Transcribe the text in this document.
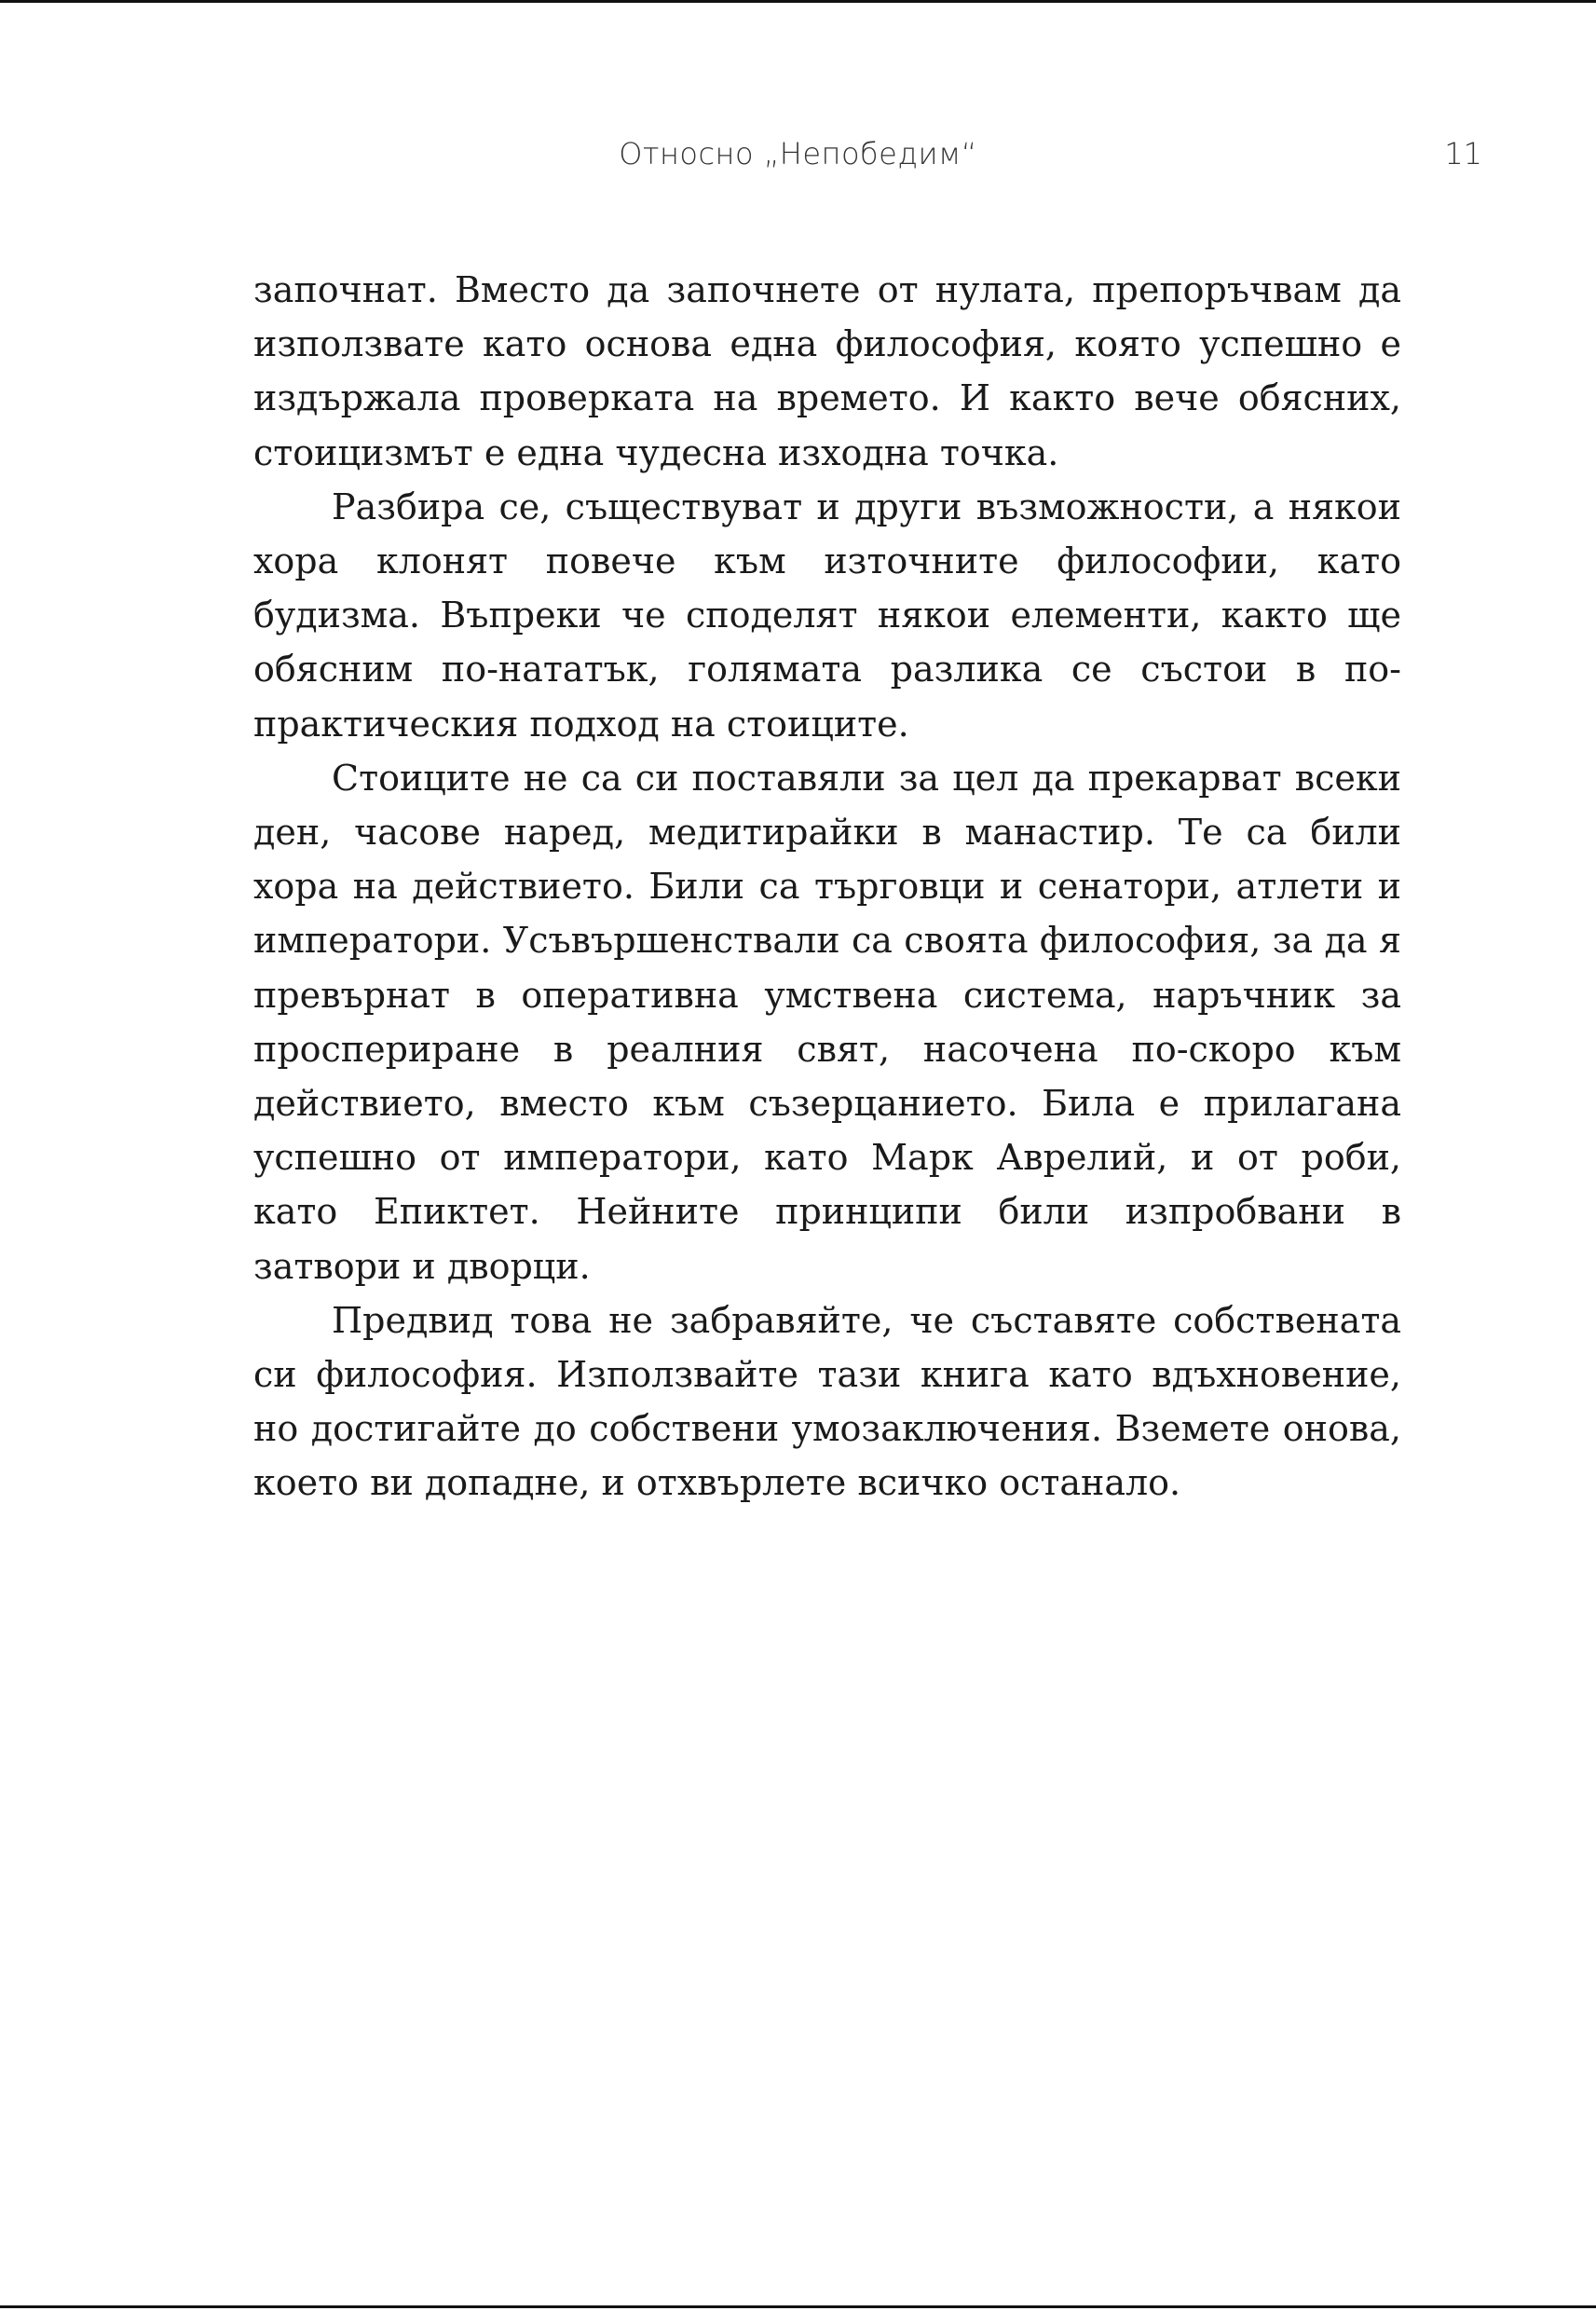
Относно „Непобедим“	11

започнат. Вместо да започнете от нулата, препоръчвам да използвате като основа една философия, която успешно е издържала проверката на времето. И както вече обясних, стоицизмът е една чудесна изходна точка.

Разбира се, съществуват и други възможности, а някои хора клонят повече към източните философии, като будизма. Въпреки че споделят някои елементи, както ще обясним по-нататък, голямата разлика се състои в по-практическия подход на стоиците.

Стоиците не са си поставяли за цел да прекарват всеки ден, часове наред, медитирайки в манастир. Те са били хора на действието. Били са търговци и сенатори, атлети и императори. Усъвършенствали са своята философия, за да я превърнат в оперативна умствена система, наръчник за проспериране в реалния свят, насочена по-скоро към действието, вместо към съзерцанието. Била е прилагана успешно от императори, като Марк Аврелий, и от роби, като Епиктет. Нейните принципи били изпробвани в затвори и дворци.

Предвид това не забравяйте, че съставяте собствената си философия. Използвайте тази книга като вдъхновение, но достигайте до собствени умозаключения. Вземете онова, което ви допадне, и отхвърлете всичко останало.
